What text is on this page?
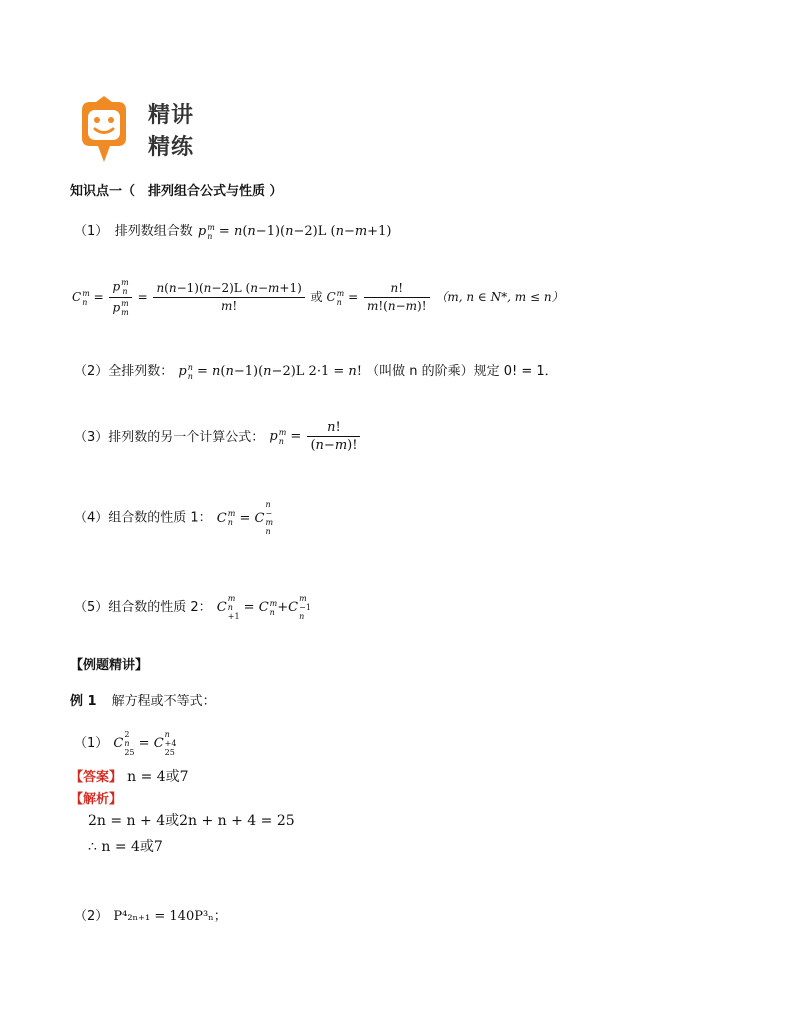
精讲
精练
知识点一（　排列组合公式与性质 ）
（1）　排列数组合数 p m
n = n(n−1)(n−2)L (n−m+1)
C m
n = p m
n
p m
$m = \frac{n(n-1)(n-2)L (n-m+1)}{m!}$ 或 C m
$n = \frac{n!}{m!(n-m)!} (m$, n ∈ N*, m ≤ n）
（2）全排列数： p n
n = n(n−1)(n−2)L 2·1 = n! （叫做 n 的阶乘）规定 0! = 1．
（3）排列数的另一个计算公式： p m
$n = \frac{n!}{(n-m)!}$
（4）组合数的性质 1： C m
n = C
n
−
m
n
（5）组合数的性质 2： C
m
n
+1
= C m
n +C
m
−1
n
【例题精讲】
例 1 解方程或不等式：
（1） C
2
n
25
= C
n
+4
25
【答案】 n = 4或7
【解析】
2n = n + 4或2n + n + 4 = 25
∴ n = 4或7
（2） P⁴₂ₙ₊₁ = 140P³ₙ；
